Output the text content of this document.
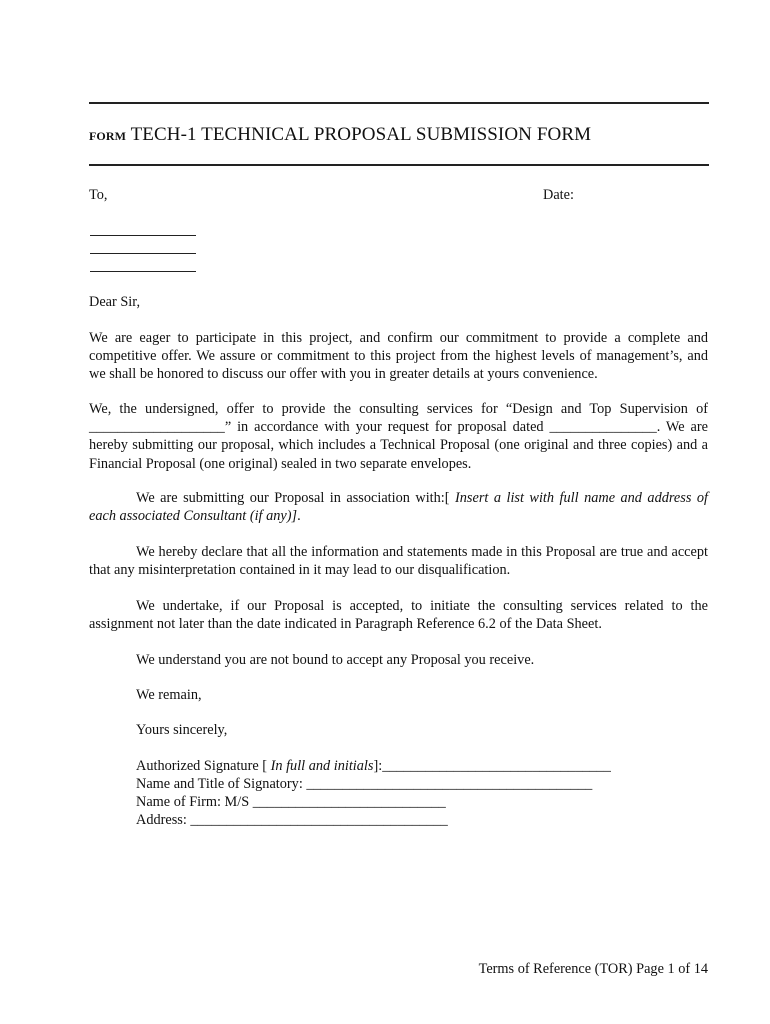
FORM TECH-1 TECHNICAL PROPOSAL SUBMISSION FORM
To,	Date:
Dear Sir,
We are eager to participate in this project, and confirm our commitment to provide a complete and competitive offer. We assure or commitment to this project from the highest levels of management’s, and we shall be honored to discuss our offer with you in greater details at yours convenience.
We, the undersigned, offer to provide the consulting services for “Design and Top Supervision of ___________________” in accordance with your request for proposal dated _______________. We are hereby submitting our proposal, which includes a Technical Proposal (one original and three copies) and a Financial Proposal (one original) sealed in two separate envelopes.
We are submitting our Proposal in association with:[ Insert a list with full name and address of each associated Consultant (if any)].
We hereby declare that all the information and statements made in this Proposal are true and accept that any misinterpretation contained in it may lead to our disqualification.
We undertake, if our Proposal is accepted, to initiate the consulting services related to the assignment not later than the date indicated in Paragraph Reference 6.2 of the Data Sheet.
We understand you are not bound to accept any Proposal you receive.
We remain,
Yours sincerely,
Authorized Signature [ In full and initials]:________________________________
Name and Title of Signatory: ________________________________________
Name of Firm: M/S ___________________________
Address: ____________________________________
Terms of Reference (TOR) Page 1 of 14
